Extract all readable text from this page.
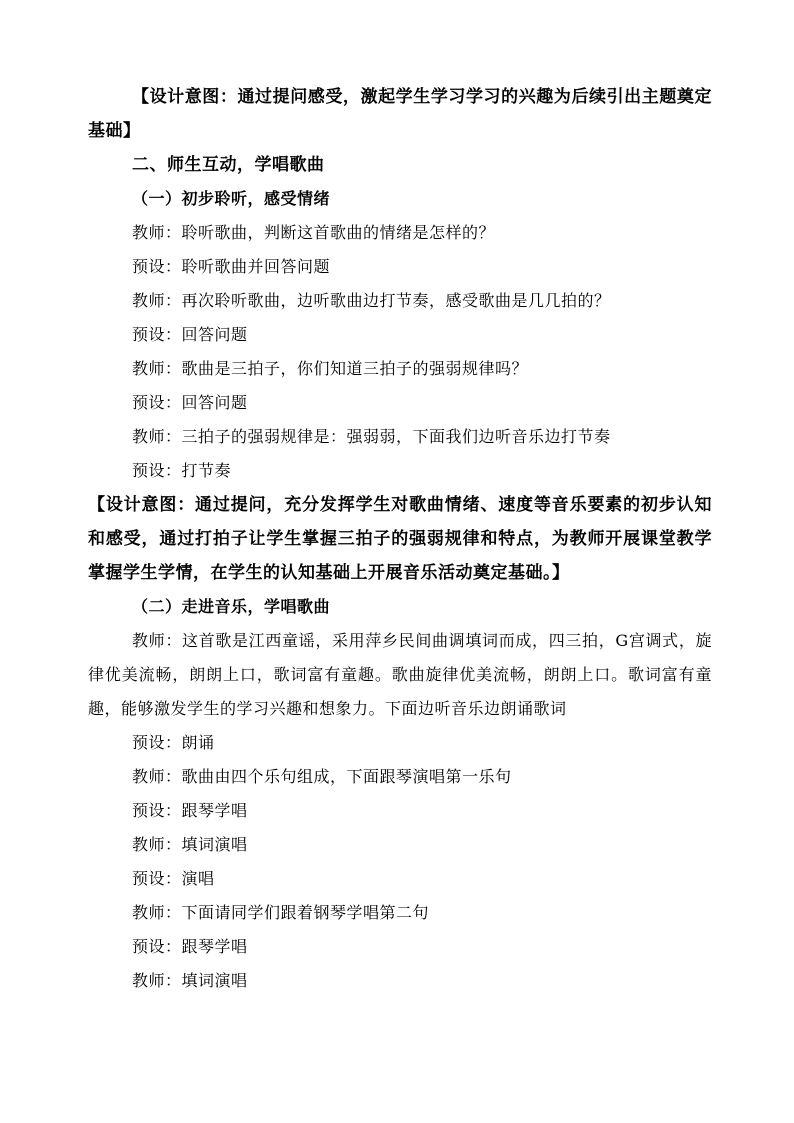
【设计意图：通过提问感受，激起学生学习学习的兴趣为后续引出主题奠定基础】

二、师生互动，学唱歌曲

（一）初步聆听，感受情绪

教师：聆听歌曲，判断这首歌曲的情绪是怎样的？

预设：聆听歌曲并回答问题

教师：再次聆听歌曲，边听歌曲边打节奏，感受歌曲是几几拍的？

预设：回答问题

教师：歌曲是三拍子，你们知道三拍子的强弱规律吗？

预设：回答问题

教师：三拍子的强弱规律是：强弱弱，下面我们边听音乐边打节奏

预设：打节奏

【设计意图：通过提问，充分发挥学生对歌曲情绪、速度等音乐要素的初步认知和感受，通过打拍子让学生掌握三拍子的强弱规律和特点，为教师开展课堂教学掌握学生学情，在学生的认知基础上开展音乐活动奠定基础。】

（二）走进音乐，学唱歌曲

教师：这首歌是江西童谣，采用萍乡民间曲调填词而成，四三拍，G宫调式，旋律优美流畅，朗朗上口，歌词富有童趣。歌曲旋律优美流畅，朗朗上口。歌词富有童趣，能够激发学生的学习兴趣和想象力。下面边听音乐边朗诵歌词

预设：朗诵

教师：歌曲由四个乐句组成，下面跟琴演唱第一乐句

预设：跟琴学唱

教师：填词演唱

预设：演唱

教师：下面请同学们跟着钢琴学唱第二句

预设：跟琴学唱

教师：填词演唱
